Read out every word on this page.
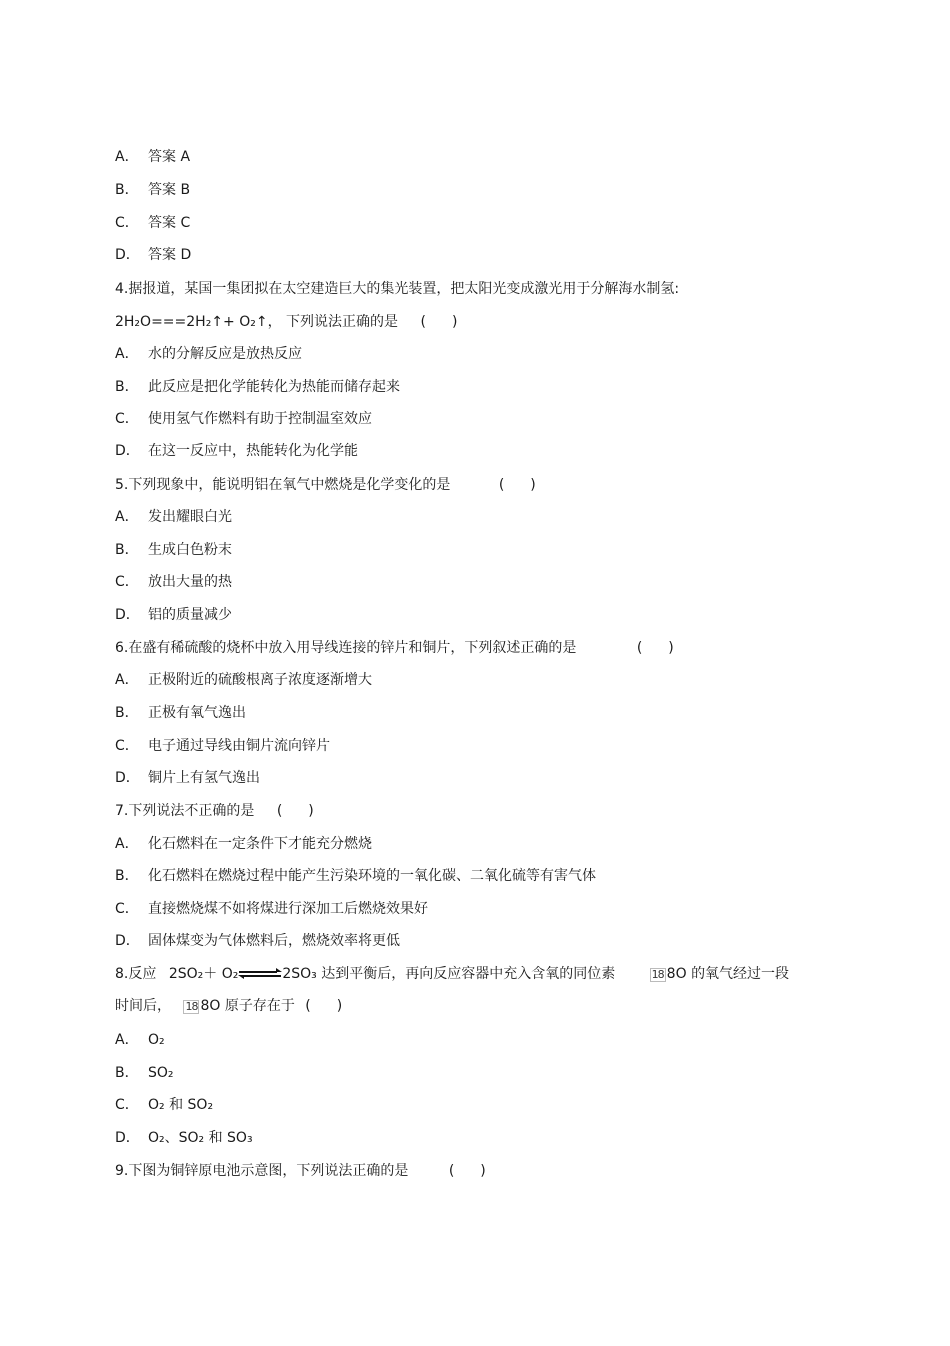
A． 答案 A
B． 答案 B
C． 答案 C
D． 答案 D
4.据报道，某国一集团拟在太空建造巨大的集光装置，把太阳光变成激光用于分解海水制氢:
2H₂O===2H₂↑+ O₂↑， 下列说法正确的是 ( )
A． 水的分解反应是放热反应
B． 此反应是把化学能转化为热能而储存起来
C． 使用氢气作燃料有助于控制温室效应
D． 在这一反应中，热能转化为化学能
5.下列现象中，能说明铝在氧气中燃烧是化学变化的是	( )
A． 发出耀眼白光
B． 生成白色粉末
C． 放出大量的热
D． 铝的质量减少
6.在盛有稀硫酸的烧杯中放入用导线连接的锌片和铜片，下列叙述正确的是	( )
A． 正极附近的硫酸根离子浓度逐渐增大
B． 正极有氧气逸出
C． 电子通过导线由铜片流向锌片
D． 铜片上有氢气逸出
7.下列说法不正确的是 ( )
A． 化石燃料在一定条件下才能充分燃烧
B． 化石燃料在燃烧过程中能产生污染环境的一氧化碳、二氧化硫等有害气体
C． 直接燃烧煤不如将煤进行深加工后燃烧效果好
D． 固体煤变为气体燃料后，燃烧效率将更低
8.反应 2SO₂＋ O₂⇌2SO₃ 达到平衡后，再向反应容器中充入含氧的同位素	18 8O 的氧气经过一段
时间后， 18 8O 原子存在于 ( )
A． O₂
B． SO₂
C． O₂ 和 SO₂
D． O₂、SO₂ 和 SO₃
9.下图为铜锌原电池示意图，下列说法正确的是	( )
